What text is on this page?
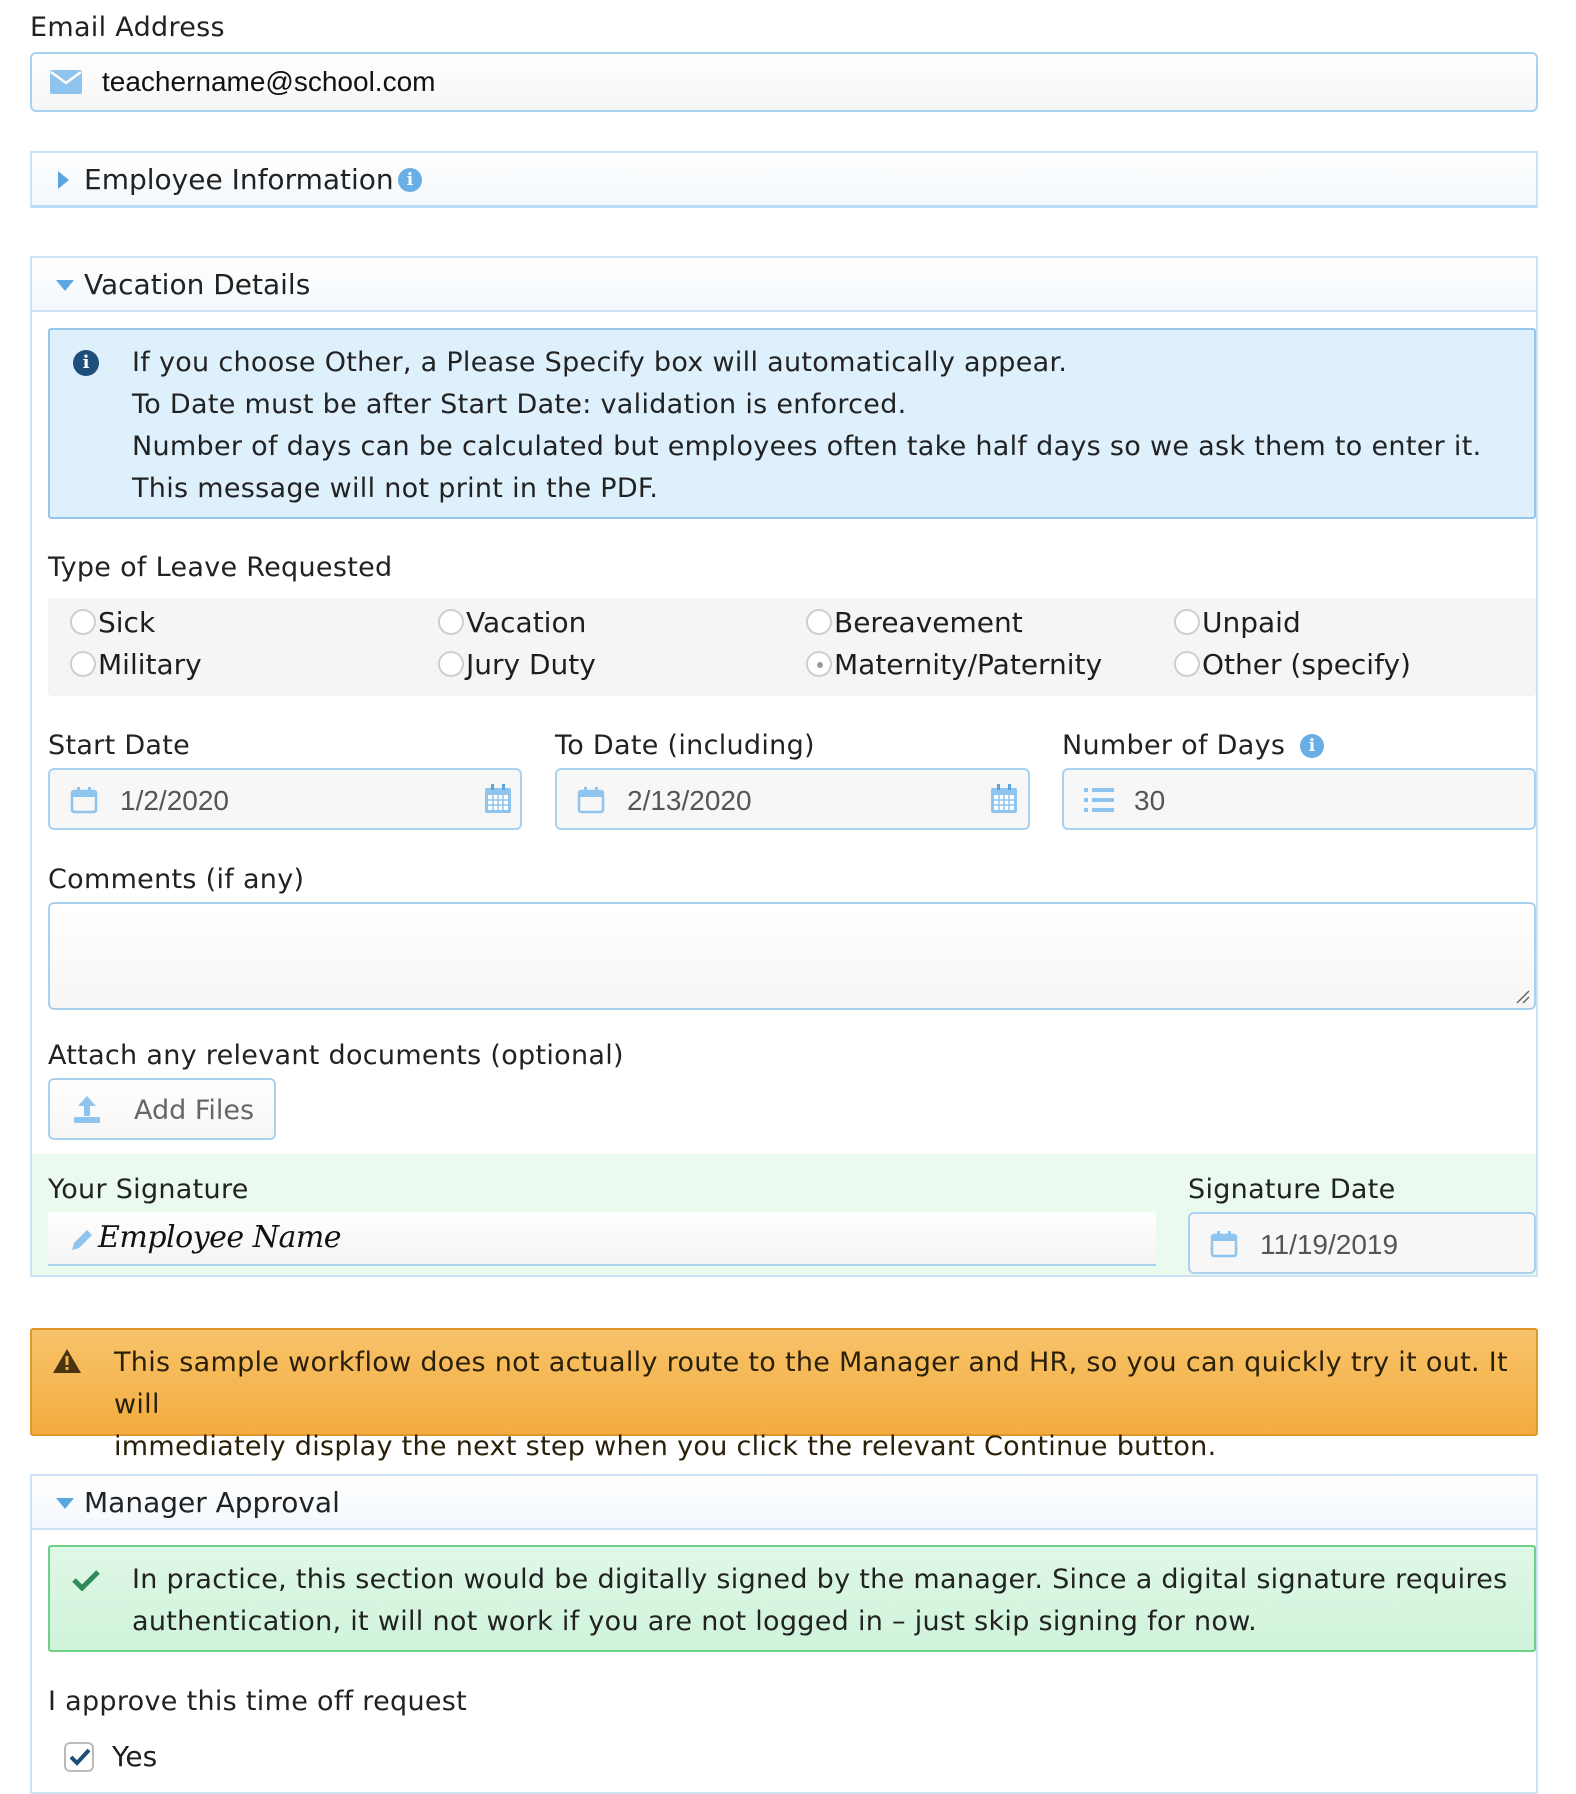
Email Address
teachername@school.com
Employee Information i
Vacation Details
i	If you choose Other, a Please Specify box will automatically appear.
To Date must be after Start Date: validation is enforced.
Number of days can be calculated but employees often take half days so we ask them to enter it.
This message will not print in the PDF.
Type of Leave Requested
Sick	Vacation	Bereavement	Unpaid
Military	Jury Duty	Maternity/Paternity	Other (specify)
Start Date	To Date (including)	Number of Days	i
1/2/2020	2/13/2020	30
Comments (if any)
Attach any relevant documents (optional)
Add Files
Your Signature	Signature Date
Employee Name	11/19/2019
This sample workflow does not actually route to the Manager and HR, so you can quickly try it out. It will
immediately display the next step when you click the relevant Continue button.
Manager Approval
In practice, this section would be digitally signed by the manager. Since a digital signature requires
authentication, it will not work if you are not logged in – just skip signing for now.
I approve this time off request
Yes
